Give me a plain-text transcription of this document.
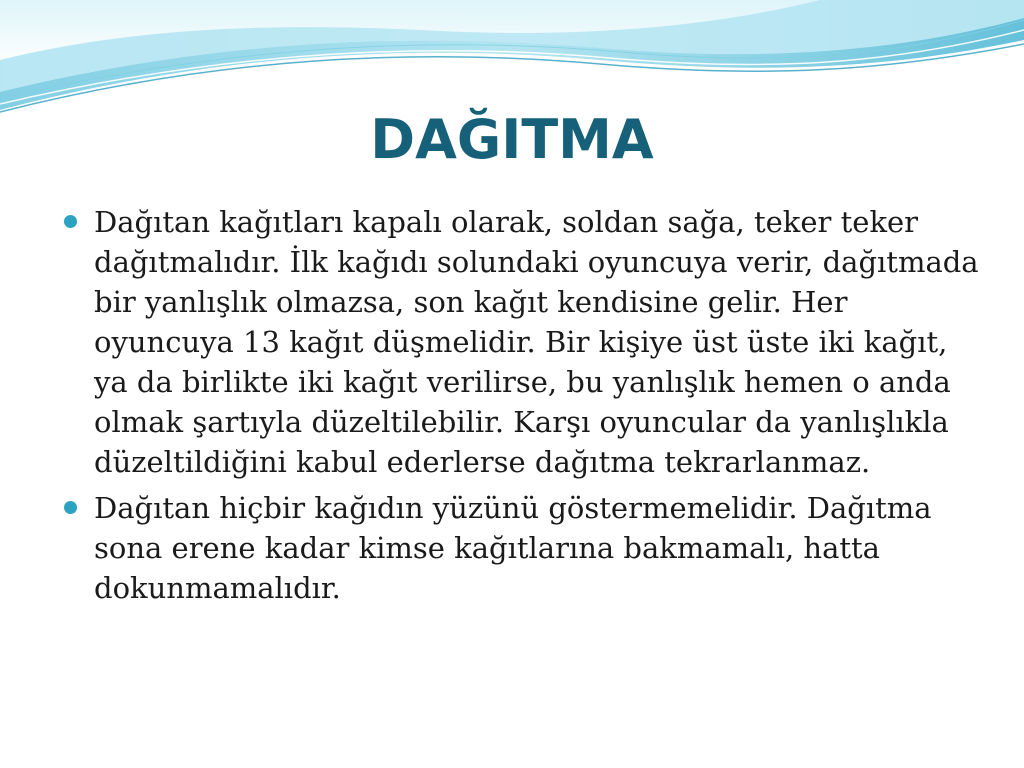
DAĞITMA
Dağıtan kağıtları kapalı olarak, soldan sağa, teker teker dağıtmalıdır. İlk kağıdı solundaki oyuncuya verir, dağıtmada bir yanlışlık olmazsa, son kağıt kendisine gelir. Her oyuncuya 13 kağıt düşmelidir. Bir kişiye üst üste iki kağıt, ya da birlikte iki kağıt verilirse, bu yanlışlık hemen o anda olmak şartıyla düzeltilebilir. Karşı oyuncular da yanlışlıkla düzeltildiğini kabul ederlerse dağıtma tekrarlanmaz.
Dağıtan hiçbir kağıdın yüzünü göstermemelidir. Dağıtma sona erene kadar kimse kağıtlarına bakmamalı, hatta dokunmamalıdır.
